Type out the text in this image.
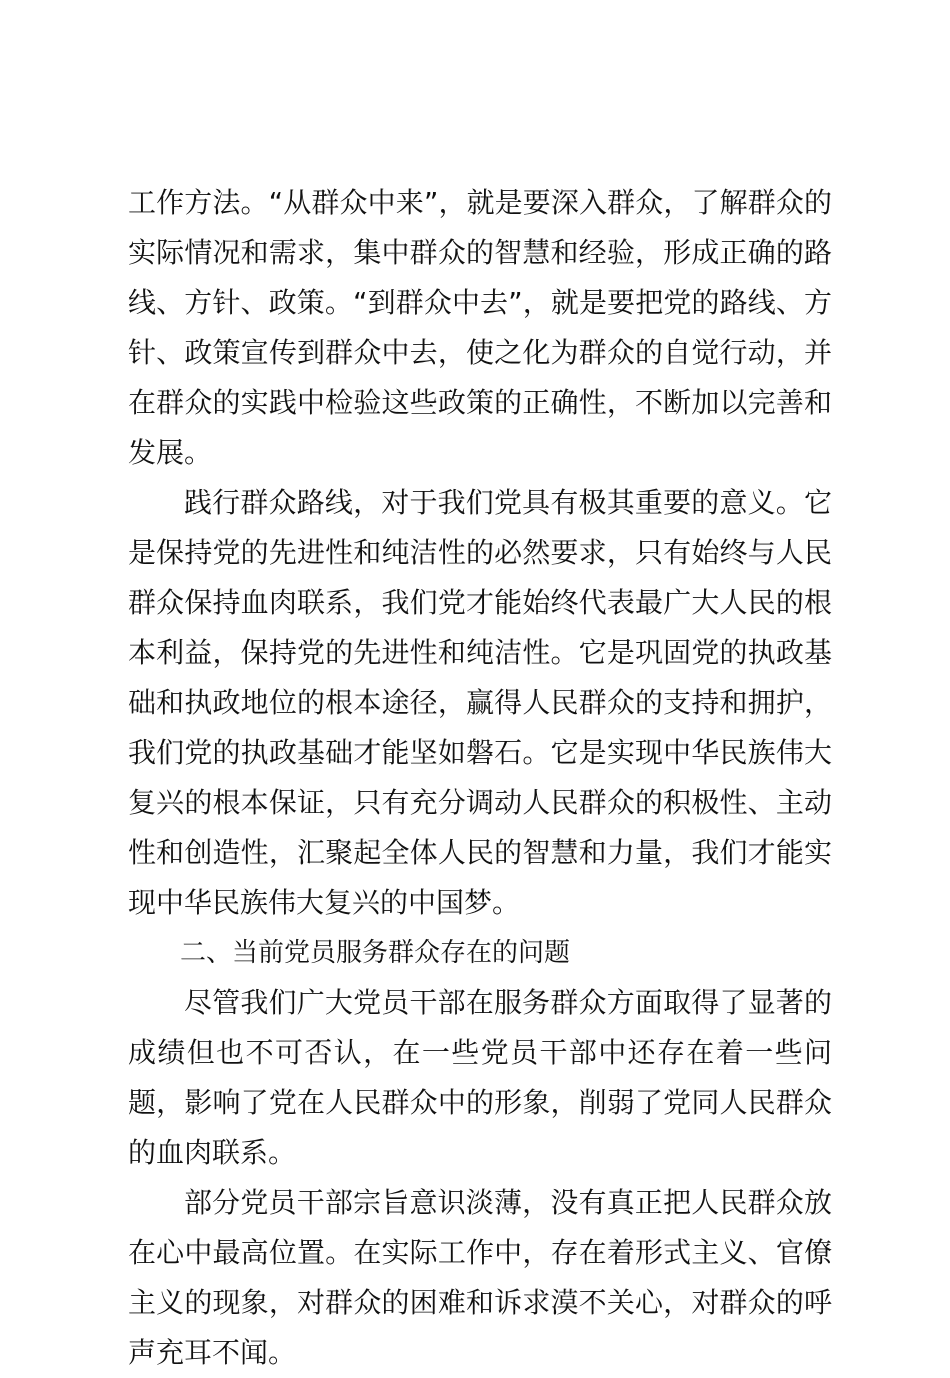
工作方法。“从群众中来”，就是要深入群众，了解群众的实际情况和需求，集中群众的智慧和经验，形成正确的路线、方针、政策。“到群众中去”，就是要把党的路线、方针、政策宣传到群众中去，使之化为群众的自觉行动，并在群众的实践中检验这些政策的正确性，不断加以完善和发展。

践行群众路线，对于我们党具有极其重要的意义。它是保持党的先进性和纯洁性的必然要求，只有始终与人民群众保持血肉联系，我们党才能始终代表最广大人民的根本利益，保持党的先进性和纯洁性。它是巩固党的执政基础和执政地位的根本途径，赢得人民群众的支持和拥护，我们党的执政基础才能坚如磐石。它是实现中华民族伟大复兴的根本保证，只有充分调动人民群众的积极性、主动性和创造性，汇聚起全体人民的智慧和力量，我们才能实现中华民族伟大复兴的中国梦。

二、当前党员服务群众存在的问题

尽管我们广大党员干部在服务群众方面取得了显著的成绩但也不可否认，在一些党员干部中还存在着一些问题，影响了党在人民群众中的形象，削弱了党同人民群众的血肉联系。

部分党员干部宗旨意识淡薄，没有真正把人民群众放在心中最高位置。在实际工作中，存在着形式主义、官僚主义的现象，对群众的困难和诉求漠不关心，对群众的呼声充耳不闻。
